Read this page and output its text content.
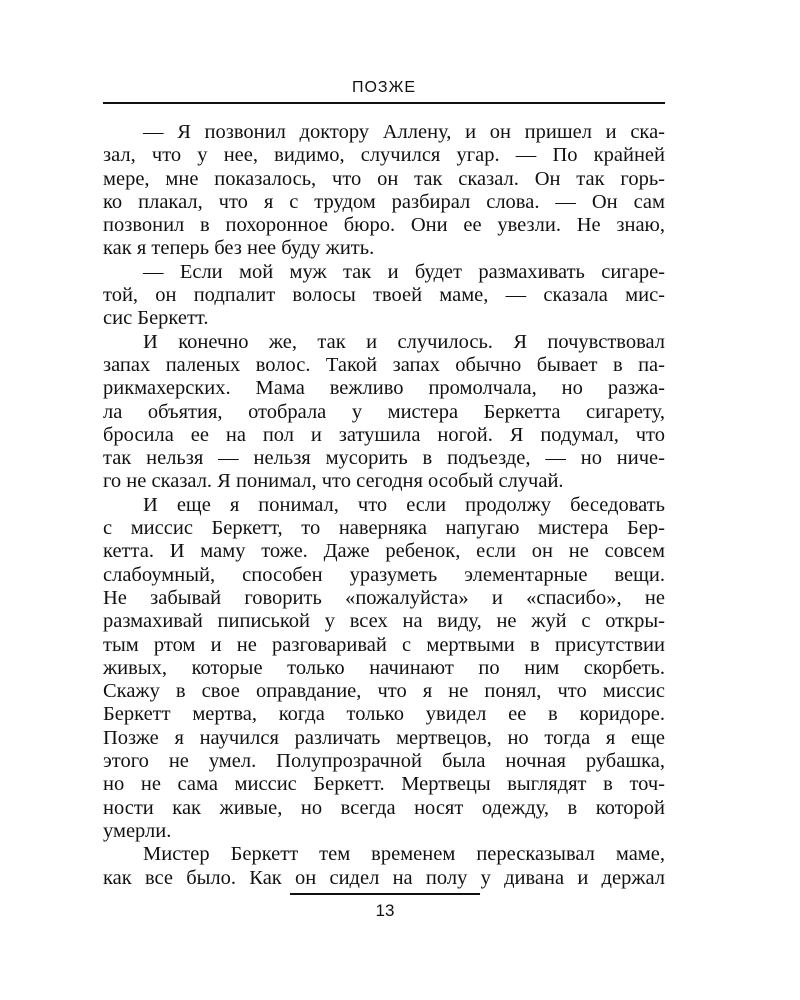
ПОЗЖЕ
— Я позвонил доктору Аллену, и он пришел и ска-
зал, что у нее, видимо, случился угар. — По крайней
мере, мне показалось, что он так сказал. Он так горь-
ко плакал, что я с трудом разбирал слова. — Он сам
позвонил в похоронное бюро. Они ее увезли. Не знаю,
как я теперь без нее буду жить.
— Если мой муж так и будет размахивать сигаре-
той, он подпалит волосы твоей маме, — сказала мис-
сис Беркетт.
И конечно же, так и случилось. Я почувствовал
запах паленых волос. Такой запах обычно бывает в па-
рикмахерских. Мама вежливо промолчала, но разжа-
ла объятия, отобрала у мистера Беркетта сигарету,
бросила ее на пол и затушила ногой. Я подумал, что
так нельзя — нельзя мусорить в подъезде, — но ниче-
го не сказал. Я понимал, что сегодня особый случай.
И еще я понимал, что если продолжу беседовать
с миссис Беркетт, то наверняка напугаю мистера Бер-
кетта. И маму тоже. Даже ребенок, если он не совсем
слабоумный, способен уразуметь элементарные вещи.
Не забывай говорить «пожалуйста» и «спасибо», не
размахивай пиписькой у всех на виду, не жуй с откры-
тым ртом и не разговаривай с мертвыми в присутствии
живых, которые только начинают по ним скорбеть.
Скажу в свое оправдание, что я не понял, что миссис
Беркетт мертва, когда только увидел ее в коридоре.
Позже я научился различать мертвецов, но тогда я еще
этого не умел. Полупрозрачной была ночная рубашка,
но не сама миссис Беркетт. Мертвецы выглядят в точ-
ности как живые, но всегда носят одежду, в которой
умерли.
Мистер Беркетт тем временем пересказывал маме,
как все было. Как он сидел на полу у дивана и держал
13
